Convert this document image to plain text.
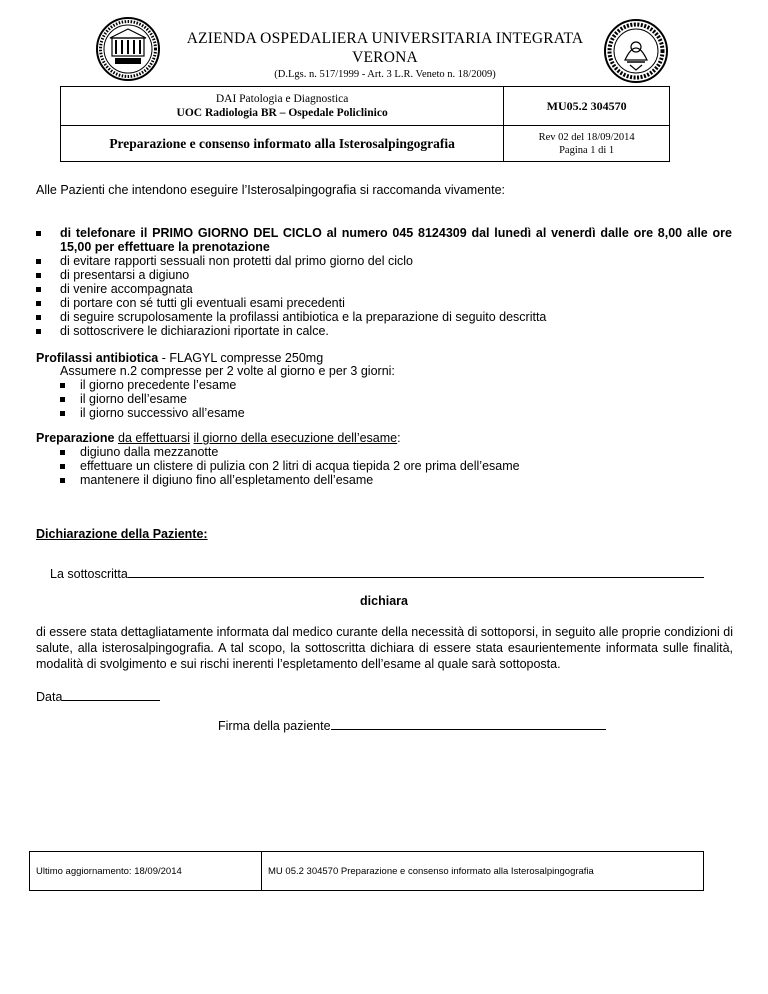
AZIENDA OSPEDALIERA UNIVERSITARIA INTEGRATA
VERONA
(D.Lgs. n. 517/1999 - Art. 3 L.R. Veneto n. 18/2009)
DAI Patologia e Diagnostica
UOC Radiologia BR – Ospedale Policlinico	MU05.2 304570
Preparazione e consenso informato alla Isterosalpingografia	Rev 02 del 18/09/2014
Pagina 1 di 1
Alle Pazienti che intendono eseguire l’Isterosalpingografia si raccomanda vivamente:
di telefonare il PRIMO GIORNO DEL CICLO al numero 045 8124309 dal lunedì al venerdì dalle ore 8,00 alle ore 15,00 per effettuare la prenotazione
di evitare rapporti sessuali non protetti dal primo giorno del ciclo
di presentarsi a digiuno
di venire accompagnata
di portare con sé tutti gli eventuali esami precedenti
di seguire scrupolosamente la profilassi antibiotica e la preparazione di seguito descritta
di sottoscrivere le dichiarazioni riportate in calce.
Profilassi antibiotica - FLAGYL compresse 250mg
Assumere n.2 compresse per 2 volte al giorno e per 3 giorni:
il giorno precedente l’esame
il giorno dell’esame
il giorno successivo all’esame
Preparazione da effettuarsi il giorno della esecuzione dell’esame:
digiuno dalla mezzanotte
effettuare un clistere di pulizia con 2 litri di acqua tiepida 2 ore prima dell’esame
mantenere il digiuno fino all’espletamento dell’esame
Dichiarazione della Paziente:
La sottoscritta
dichiara
di essere stata dettagliatamente informata dal medico curante della necessità di sottoporsi, in seguito alle proprie condizioni di salute, alla isterosalpingografia. A tal scopo, la sottoscritta dichiara di essere stata esaurientemente informata sulle finalità, modalità di svolgimento e sui rischi inerenti l’espletamento dell’esame al quale sarà sottoposta.
Data
Firma della paziente
Ultimo aggiornamento: 18/09/2014	MU 05.2 304570 Preparazione e consenso informato alla Isterosalpingografia
